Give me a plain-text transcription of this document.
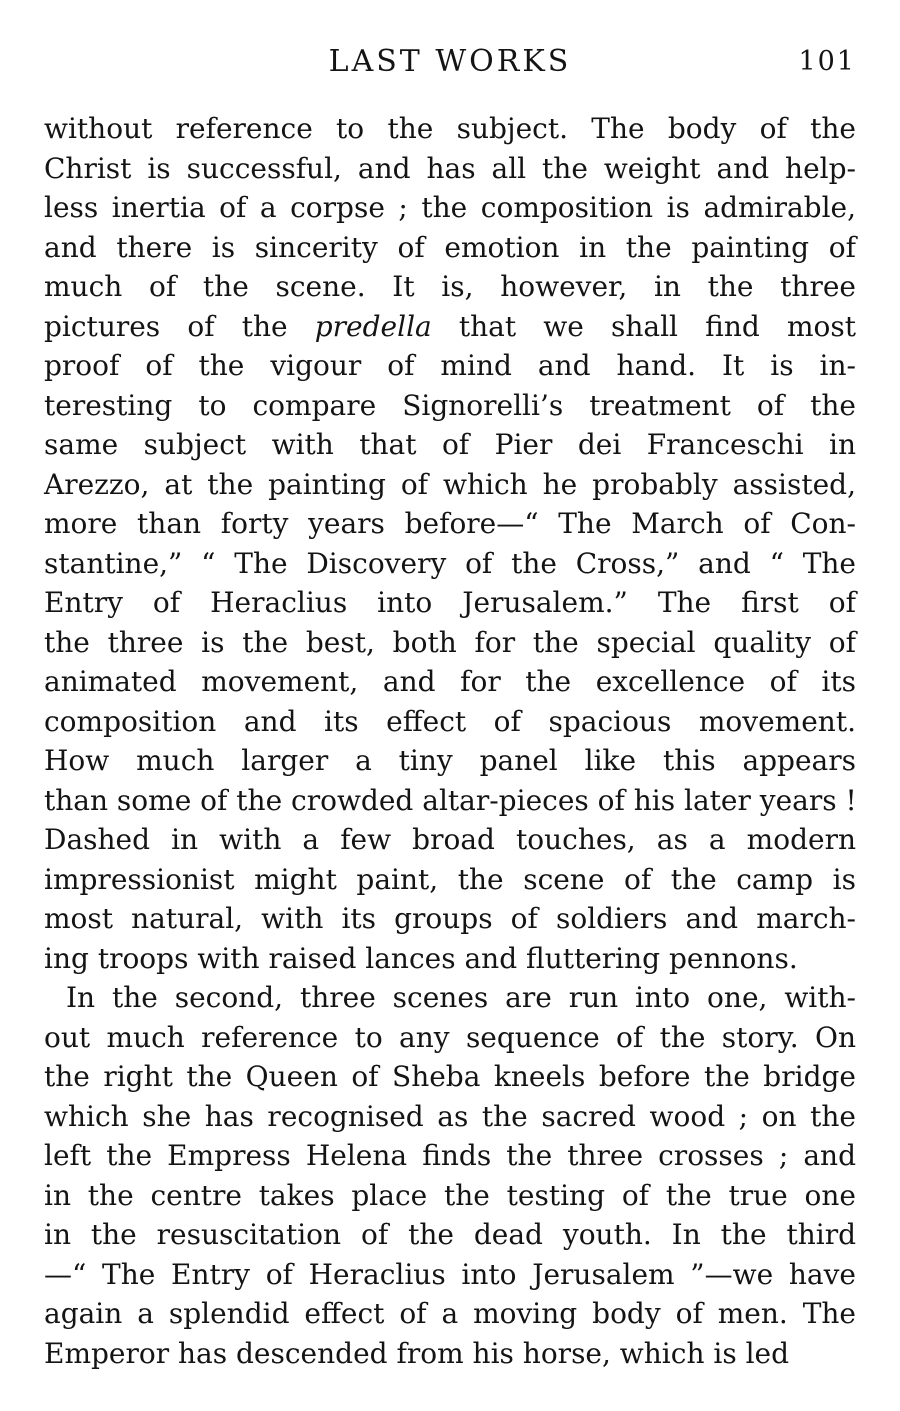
LAST WORKS	101
without reference to the subject. The body of the
Christ is successful, and has all the weight and help-
less inertia of a corpse ; the composition is admirable,
and there is sincerity of emotion in the painting of
much of the scene. It is, however, in the three
pictures of the predella that we shall find most
proof of the vigour of mind and hand. It is in-
teresting to compare Signorelli’s treatment of the
same subject with that of Pier dei Franceschi in
Arezzo, at the painting of which he probably assisted,
more than forty years before—“ The March of Con-
stantine,” “ The Discovery of the Cross,” and “ The
Entry of Heraclius into Jerusalem.” The first of
the three is the best, both for the special quality of
animated movement, and for the excellence of its
composition and its effect of spacious movement.
How much larger a tiny panel like this appears
than some of the crowded altar-pieces of his later years !
Dashed in with a few broad touches, as a modern
impressionist might paint, the scene of the camp is
most natural, with its groups of soldiers and march-
ing troops with raised lances and fluttering pennons.
In the second, three scenes are run into one, with-
out much reference to any sequence of the story. On
the right the Queen of Sheba kneels before the bridge
which she has recognised as the sacred wood ; on the
left the Empress Helena finds the three crosses ; and
in the centre takes place the testing of the true one
in the resuscitation of the dead youth. In the third
—“ The Entry of Heraclius into Jerusalem ”—we have
again a splendid effect of a moving body of men. The
Emperor has descended from his horse, which is led
